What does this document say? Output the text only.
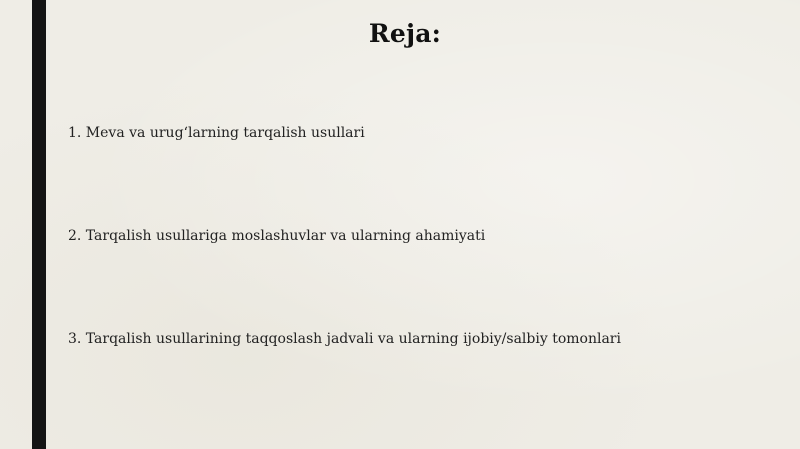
Reja:
1. Meva va urug‘larning tarqalish usullari
2. Tarqalish usullariga moslashuvlar va ularning ahamiyati
3. Tarqalish usullarining taqqoslash jadvali va ularning ijobiy/salbiy tomonlari
